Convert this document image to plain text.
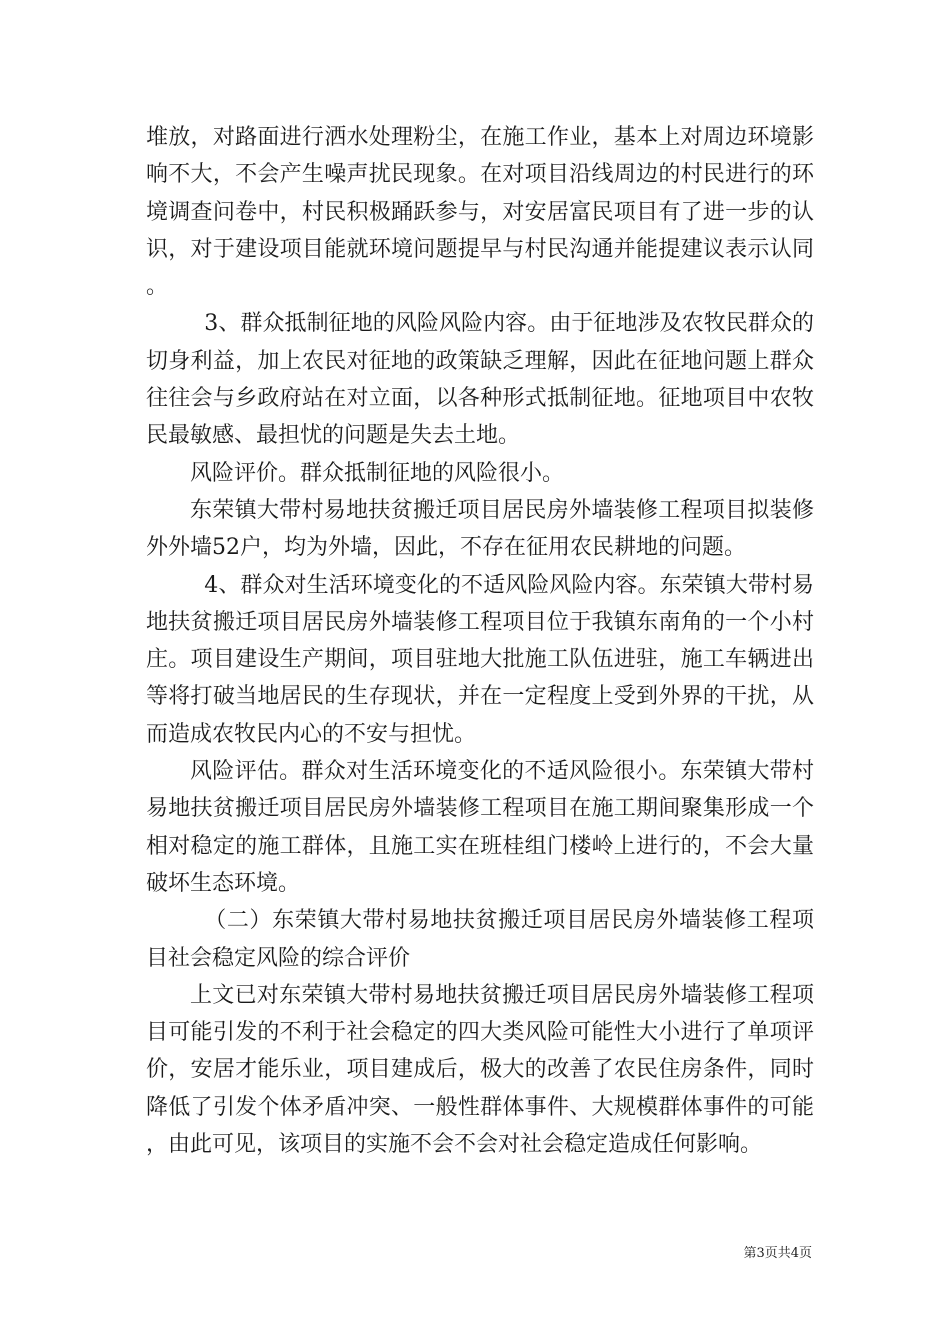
堆放，对路面进行洒水处理粉尘，在施工作业，基本上对周边环境影响不大，不会产生噪声扰民现象。在对项目沿线周边的村民进行的环境调查问卷中，村民积极踊跃参与，对安居富民项目有了进一步的认识，对于建设项目能就环境问题提早与村民沟通并能提建议表示认同。

3、群众抵制征地的风险风险内容。由于征地涉及农牧民群众的切身利益，加上农民对征地的政策缺乏理解，因此在征地问题上群众往往会与乡政府站在对立面，以各种形式抵制征地。征地项目中农牧民最敏感、最担忧的问题是失去土地。

风险评价。群众抵制征地的风险很小。

东荣镇大带村易地扶贫搬迁项目居民房外墙装修工程项目拟装修外外墙52户，均为外墙，因此，不存在征用农民耕地的问题。

4、群众对生活环境变化的不适风险风险内容。东荣镇大带村易地扶贫搬迁项目居民房外墙装修工程项目位于我镇东南角的一个小村庄。项目建设生产期间，项目驻地大批施工队伍进驻，施工车辆进出等将打破当地居民的生存现状，并在一定程度上受到外界的干扰，从而造成农牧民内心的不安与担忧。

风险评估。群众对生活环境变化的不适风险很小。东荣镇大带村易地扶贫搬迁项目居民房外墙装修工程项目在施工期间聚集形成一个相对稳定的施工群体，且施工实在班桂组门楼岭上进行的，不会大量破坏生态环境。

（二）东荣镇大带村易地扶贫搬迁项目居民房外墙装修工程项目社会稳定风险的综合评价

上文已对东荣镇大带村易地扶贫搬迁项目居民房外墙装修工程项目可能引发的不利于社会稳定的四大类风险可能性大小进行了单项评价，安居才能乐业，项目建成后，极大的改善了农民住房条件，同时降低了引发个体矛盾冲突、一般性群体事件、大规模群体事件的可能，由此可见，该项目的实施不会不会对社会稳定造成任何影响。

第3页共4页
